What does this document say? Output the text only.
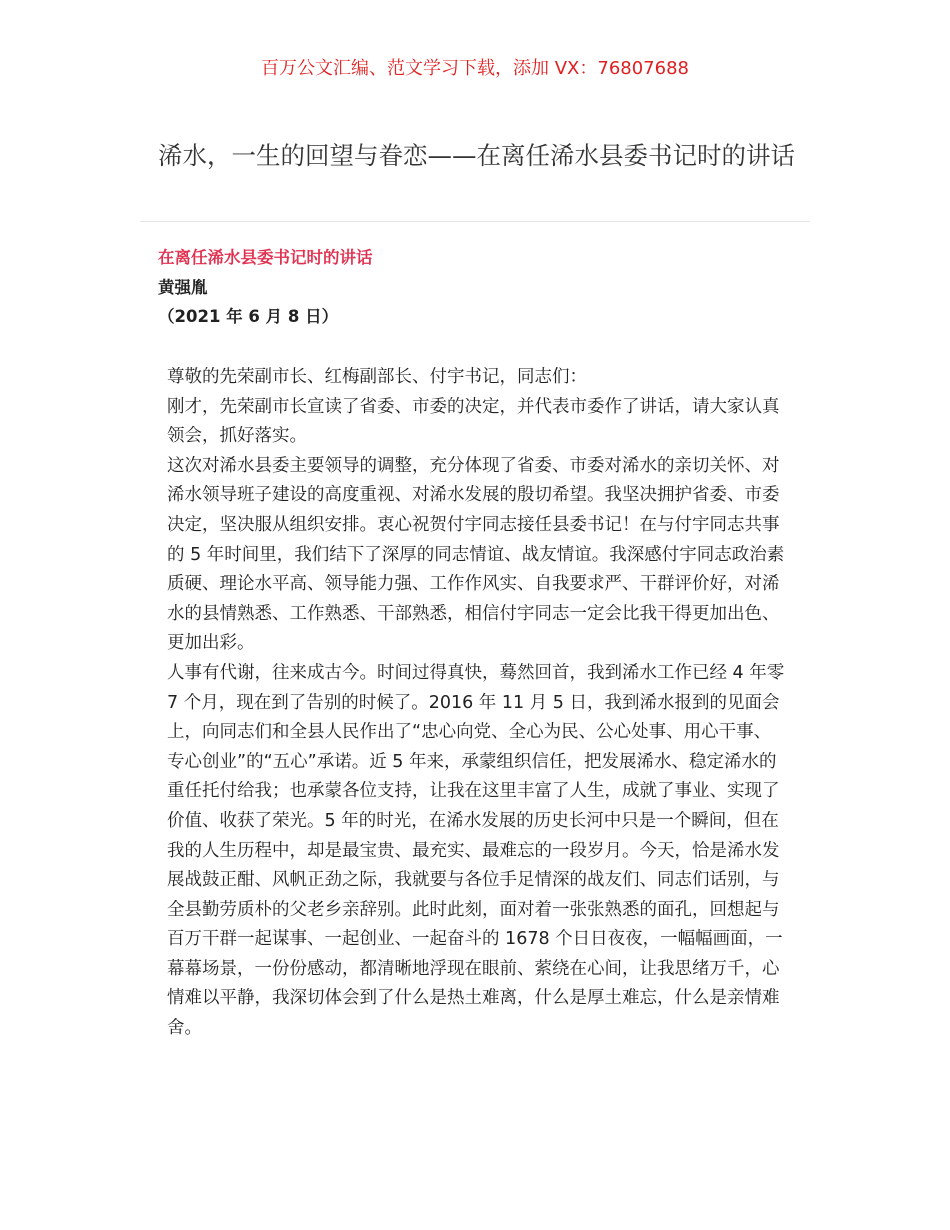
百万公文汇编、范文学习下载，添加 VX：76807688
浠水，一生的回望与眷恋——在离任浠水县委书记时的讲话
在离任浠水县委书记时的讲话
黄强胤
（2021 年 6 月 8 日）

尊敬的先荣副市长、红梅副部长、付宇书记，同志们：

刚才，先荣副市长宣读了省委、市委的决定，并代表市委作了讲话，请大家认真领会，抓好落实。

这次对浠水县委主要领导的调整，充分体现了省委、市委对浠水的亲切关怀、对浠水领导班子建设的高度重视、对浠水发展的殷切希望。我坚决拥护省委、市委决定，坚决服从组织安排。衷心祝贺付宇同志接任县委书记！在与付宇同志共事的 5 年时间里，我们结下了深厚的同志情谊、战友情谊。我深感付宇同志政治素质硬、理论水平高、领导能力强、工作作风实、自我要求严、干群评价好，对浠水的县情熟悉、工作熟悉、干部熟悉，相信付宇同志一定会比我干得更加出色、更加出彩。

人事有代谢，往来成古今。时间过得真快，蓦然回首，我到浠水工作已经 4 年零 7 个月，现在到了告别的时候了。2016 年 11 月 5 日，我到浠水报到的见面会上，向同志们和全县人民作出了“忠心向党、全心为民、公心处事、用心干事、专心创业”的“五心”承诺。近 5 年来，承蒙组织信任，把发展浠水、稳定浠水的重任托付给我；也承蒙各位支持，让我在这里丰富了人生，成就了事业、实现了价值、收获了荣光。5 年的时光，在浠水发展的历史长河中只是一个瞬间，但在我的人生历程中，却是最宝贵、最充实、最难忘的一段岁月。今天，恰是浠水发展战鼓正酣、风帆正劲之际，我就要与各位手足情深的战友们、同志们话别，与全县勤劳质朴的父老乡亲辞别。此时此刻，面对着一张张熟悉的面孔，回想起与百万干群一起谋事、一起创业、一起奋斗的 1678 个日日夜夜，一幅幅画面，一幕幕场景，一份份感动，都清晰地浮现在眼前、萦绕在心间，让我思绪万千，心情难以平静，我深切体会到了什么是热土难离，什么是厚土难忘，什么是亲情难舍。
